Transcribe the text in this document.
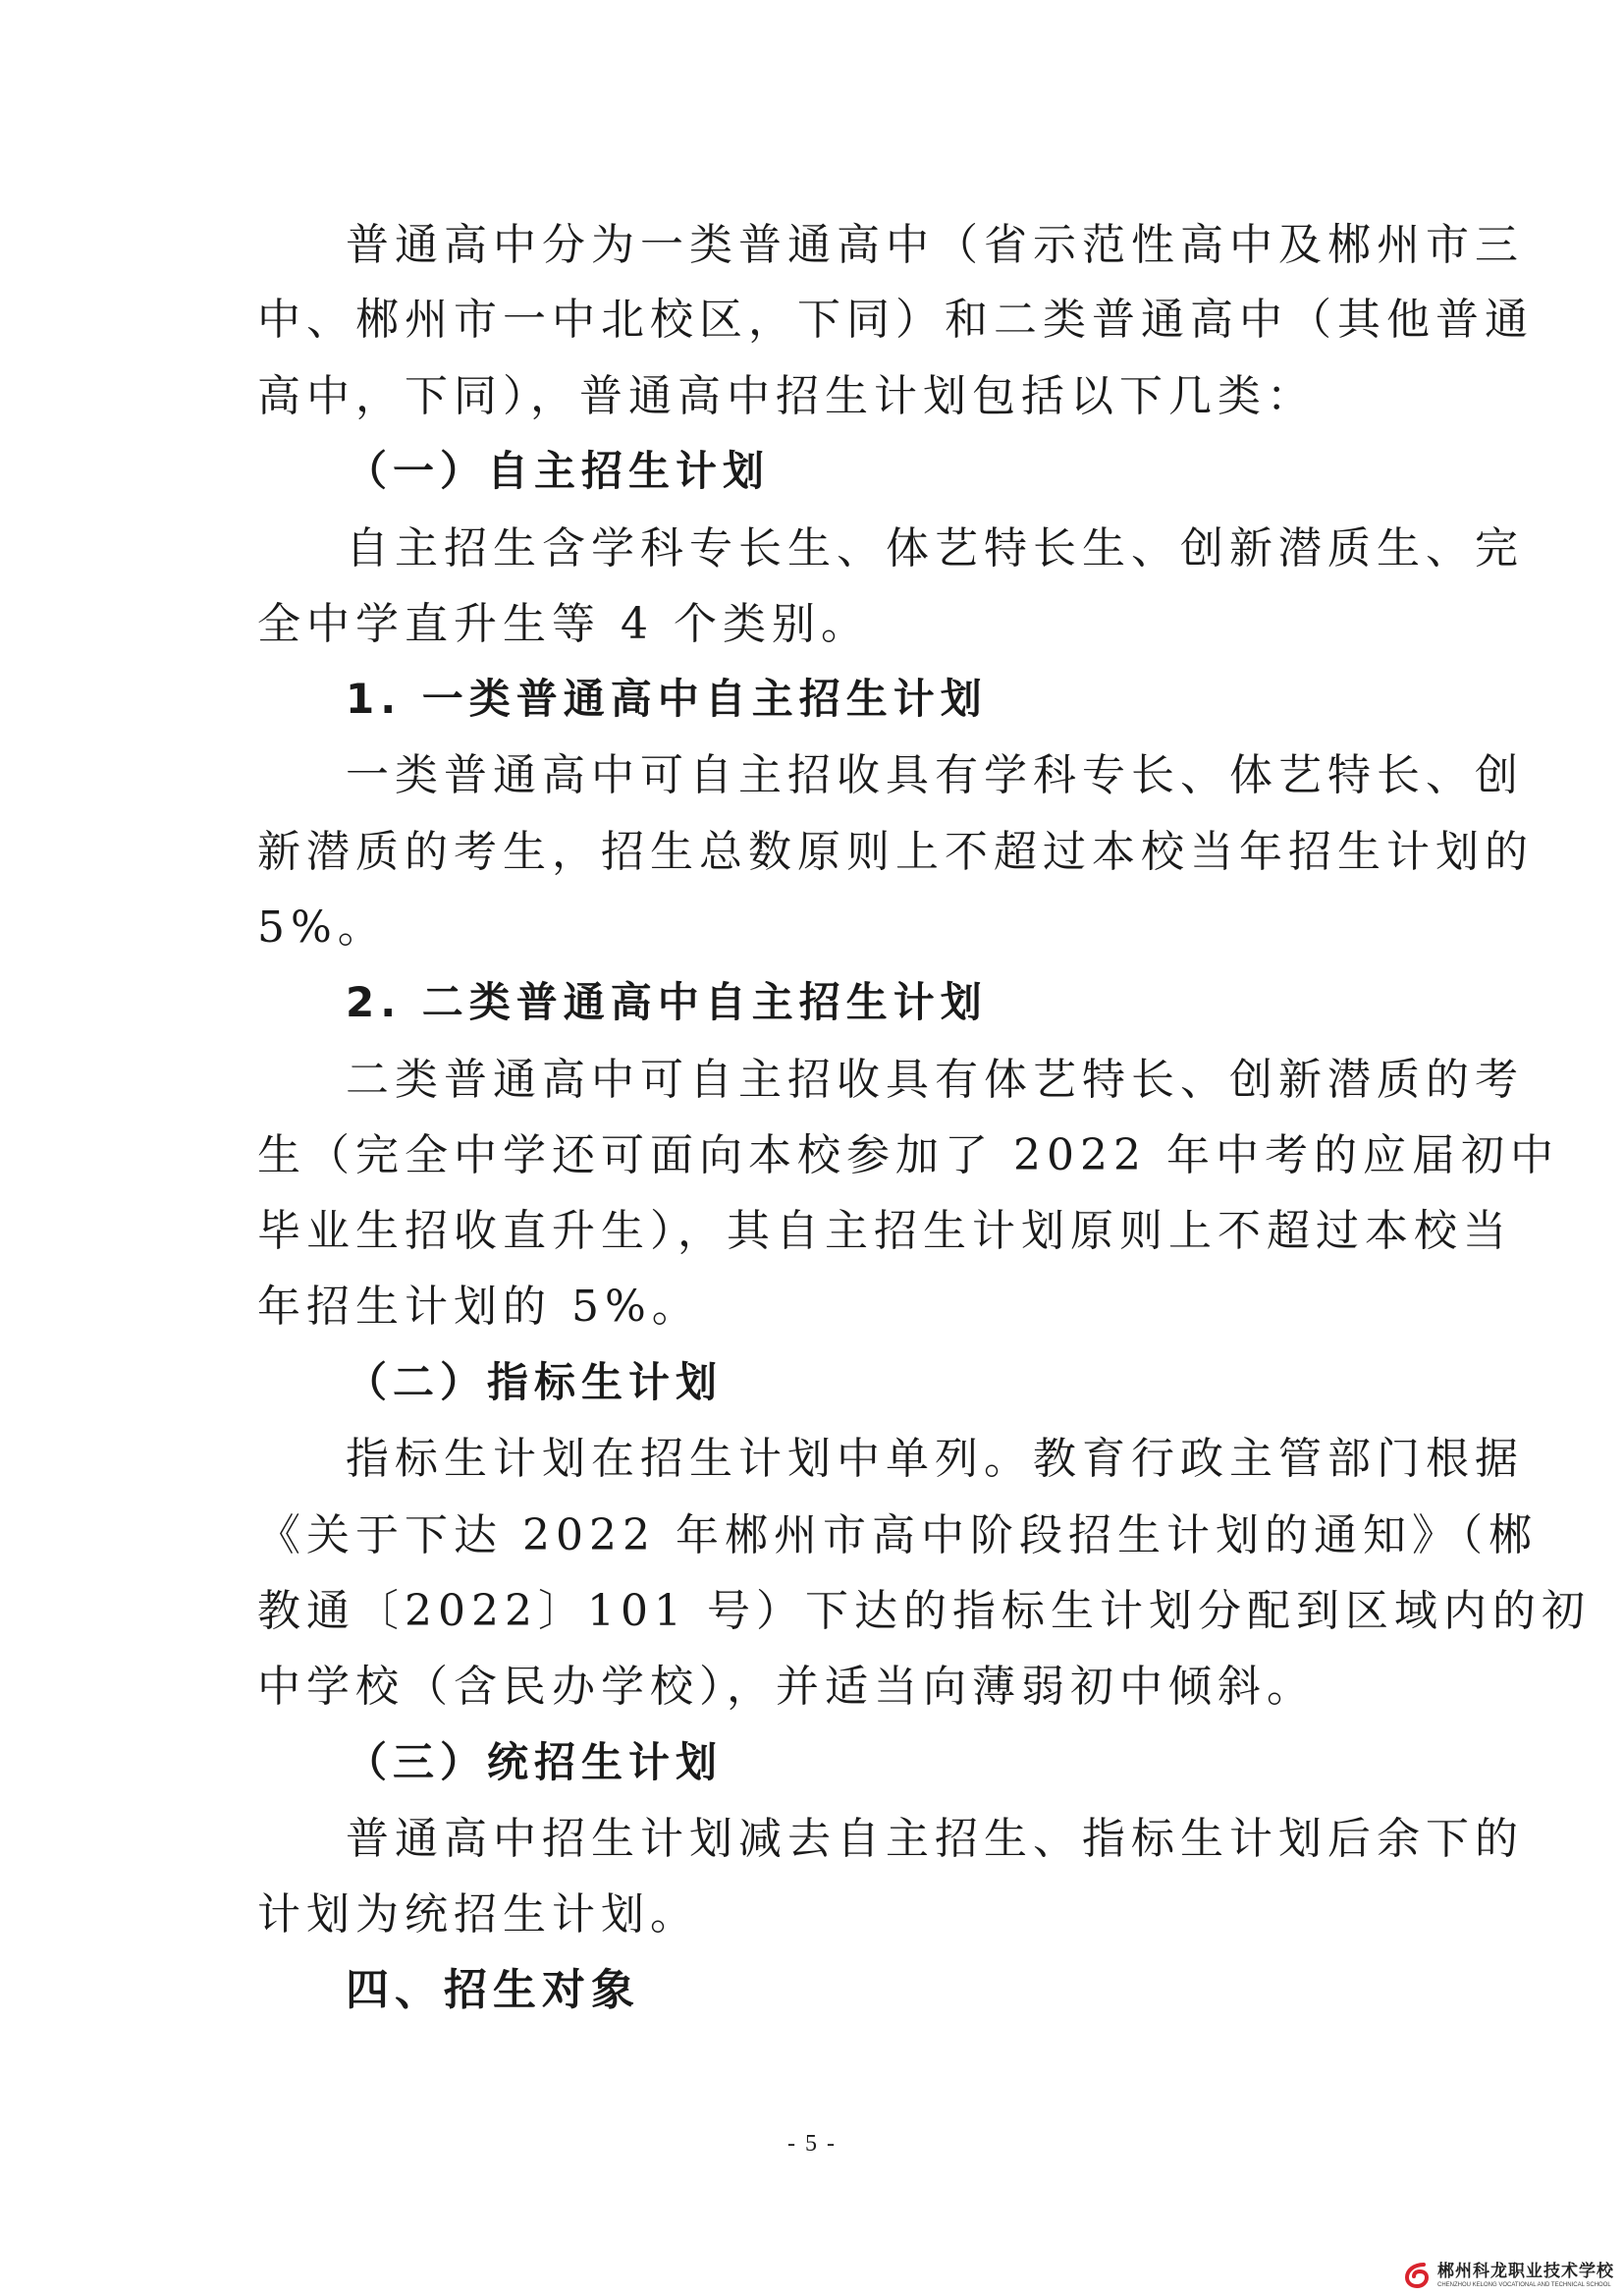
普通高中分为一类普通高中（省示范性高中及郴州市三
中、郴州市一中北校区，下同）和二类普通高中（其他普通
高中，下同），普通高中招生计划包括以下几类：
（一）自主招生计划
自主招生含学科专长生、体艺特长生、创新潜质生、完
全中学直升生等 4 个类别。
1. 一类普通高中自主招生计划
一类普通高中可自主招收具有学科专长、体艺特长、创
新潜质的考生，招生总数原则上不超过本校当年招生计划的
5%。
2. 二类普通高中自主招生计划
二类普通高中可自主招收具有体艺特长、创新潜质的考
生（完全中学还可面向本校参加了 2022 年中考的应届初中
毕业生招收直升生），其自主招生计划原则上不超过本校当
年招生计划的 5%。
（二）指标生计划
指标生计划在招生计划中单列。教育行政主管部门根据
《关于下达 2022 年郴州市高中阶段招生计划的通知》（郴
教通〔2022〕101 号）下达的指标生计划分配到区域内的初
中学校（含民办学校），并适当向薄弱初中倾斜。
（三）统招生计划
普通高中招生计划减去自主招生、指标生计划后余下的
计划为统招生计划。
四、招生对象
- 5 -
郴州科龙职业技术学校
CHENZHOU KELONG VOCATIONAL AND TECHNICAL SCHOOL
